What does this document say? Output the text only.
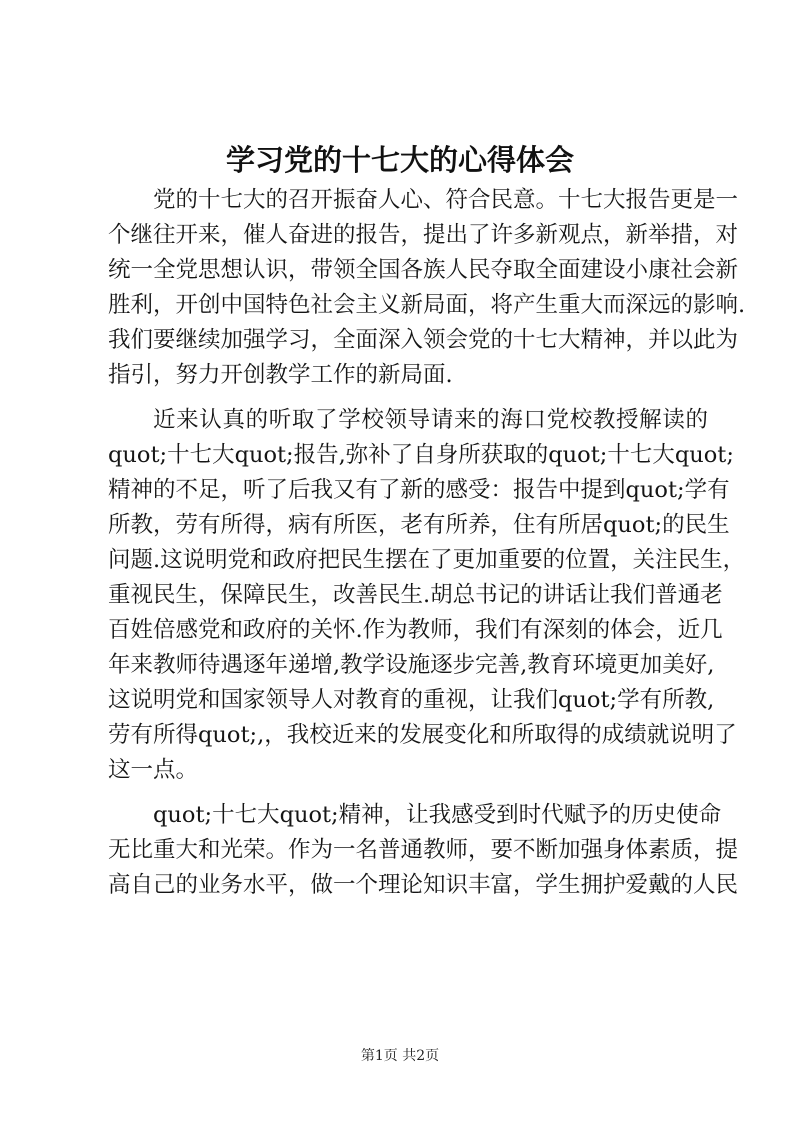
学习党的十七大的心得体会
党的十七大的召开振奋人心、符合民意。十七大报告更是一
个继往开来，催人奋进的报告，提出了许多新观点，新举措，对
统一全党思想认识，带领全国各族人民夺取全面建设小康社会新
胜利，开创中国特色社会主义新局面，将产生重大而深远的影响.
我们要继续加强学习，全面深入领会党的十七大精神，并以此为
指引，努力开创教学工作的新局面.
近来认真的听取了学校领导请来的海口党校教授解读的
quot;十七大quot;报告,弥补了自身所获取的quot;十七大quot;
精神的不足，听了后我又有了新的感受：报告中提到quot;学有
所教，劳有所得，病有所医，老有所养，住有所居quot;的民生
问题.这说明党和政府把民生摆在了更加重要的位置，关注民生，
重视民生，保障民生，改善民生.胡总书记的讲话让我们普通老
百姓倍感党和政府的关怀.作为教师，我们有深刻的体会，近几
年来教师待遇逐年递增,教学设施逐步完善,教育环境更加美好,
这说明党和国家领导人对教育的重视，让我们quot;学有所教,
劳有所得quot;,，我校近来的发展变化和所取得的成绩就说明了
这一点。
quot;十七大quot;精神，让我感受到时代赋予的历史使命
无比重大和光荣。作为一名普通教师，要不断加强身体素质，提
高自己的业务水平，做一个理论知识丰富，学生拥护爱戴的人民
第1页 共2页
